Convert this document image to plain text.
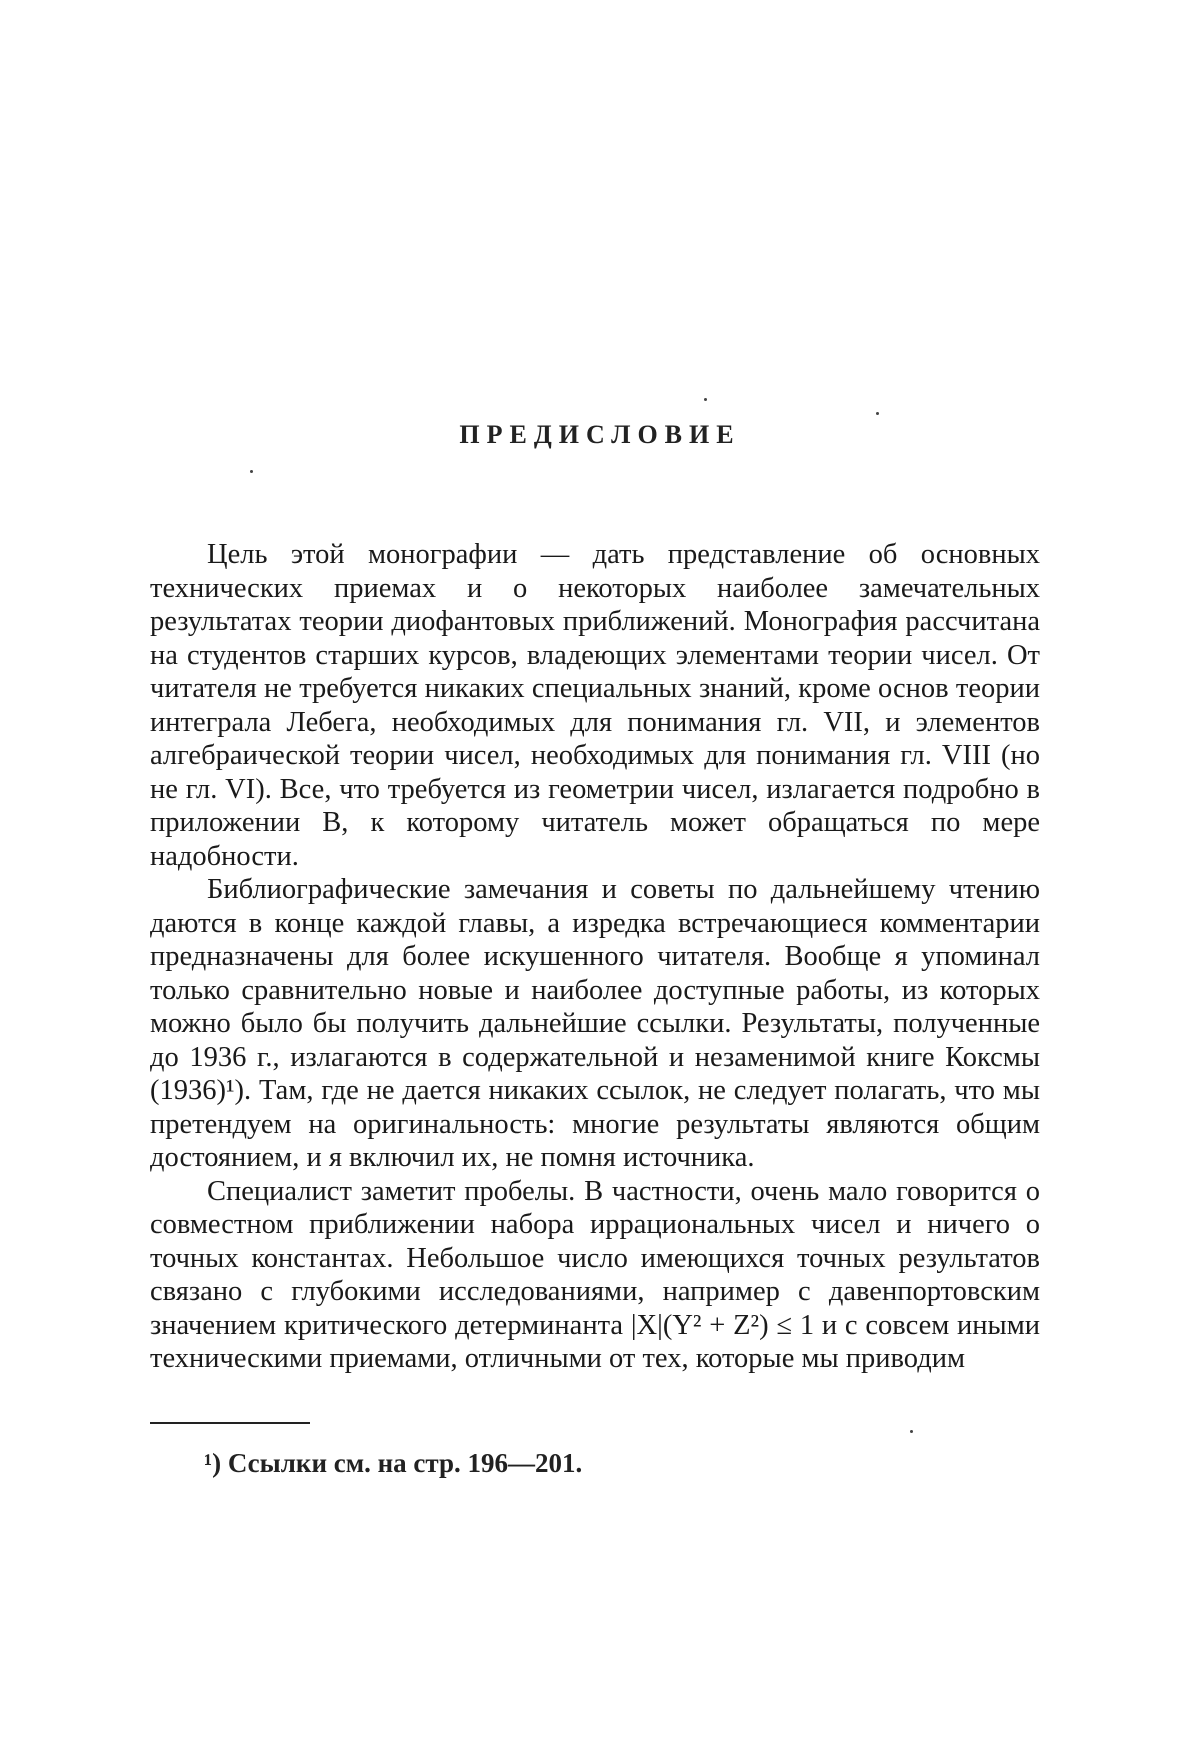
ПРЕДИСЛОВИЕ

Цель этой монографии — дать представление об основных технических приемах и о некоторых наиболее замечательных результатах теории диофантовых приближений. Монография рассчитана на студентов старших курсов, владеющих элементами теории чисел. От читателя не требуется никаких специальных знаний, кроме основ теории интеграла Лебега, необходимых для понимания гл. VII, и элементов алгебраической теории чисел, необходимых для понимания гл. VIII (но не гл. VI). Все, что требуется из геометрии чисел, излагается подробно в приложении В, к которому читатель может обращаться по мере надобности.

Библиографические замечания и советы по дальнейшему чтению даются в конце каждой главы, а изредка встречающиеся комментарии предназначены для более искушенного читателя. Вообще я упоминал только сравнительно новые и наиболее доступные работы, из которых можно было бы получить дальнейшие ссылки. Результаты, полученные до 1936 г., излагаются в содержательной и незаменимой книге Коксмы (1936)¹). Там, где не дается никаких ссылок, не следует полагать, что мы претендуем на оригинальность: многие результаты являются общим достоянием, и я включил их, не помня источника.

Специалист заметит пробелы. В частности, очень мало говорится о совместном приближении набора иррациональных чисел и ничего о точных константах. Небольшое число имеющихся точных результатов связано с глубокими исследованиями, например с давенпортовским значением критического детерминанта |X|(Y² + Z²) ≤ 1 и с совсем иными техническими приемами, отличными от тех, которые мы приводим

¹) Ссылки см. на стр. 196—201.
